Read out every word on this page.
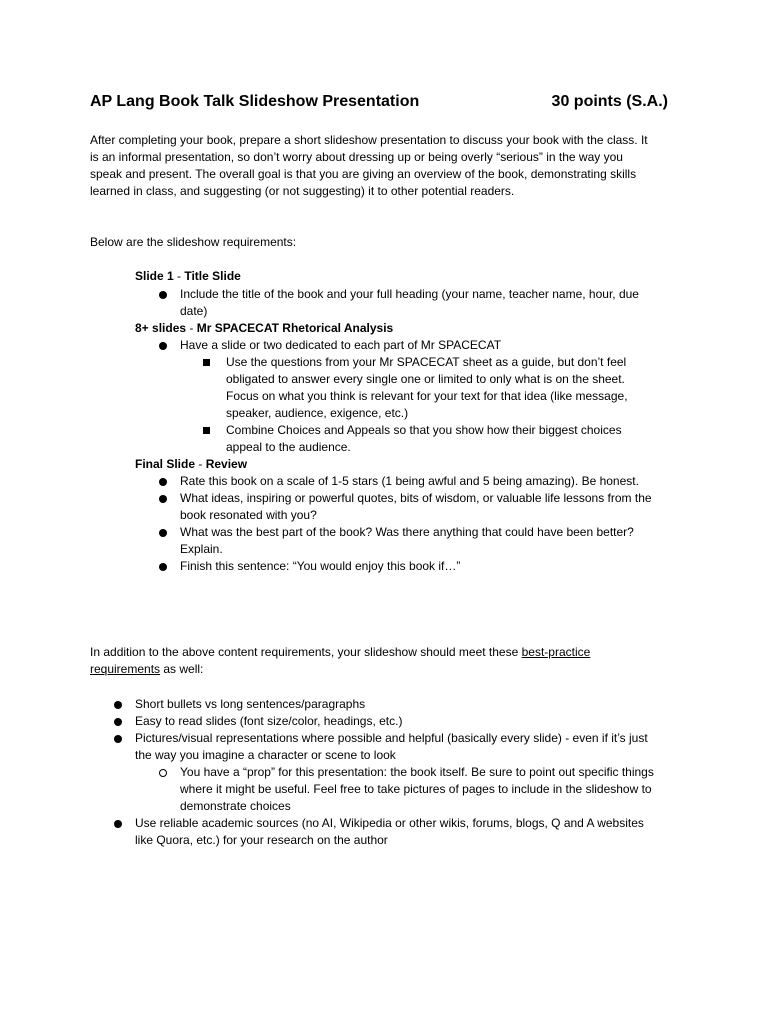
AP Lang Book Talk Slideshow Presentation	30 points (S.A.)
After completing your book, prepare a short slideshow presentation to discuss your book with the class. It
is an informal presentation, so don’t worry about dressing up or being overly “serious” in the way you
speak and present. The overall goal is that you are giving an overview of the book, demonstrating skills
learned in class, and suggesting (or not suggesting) it to other potential readers.
Below are the slideshow requirements:
Slide 1 - Title Slide
Include the title of the book and your full heading (your name, teacher name, hour, due
date)
8+ slides - Mr SPACECAT Rhetorical Analysis
Have a slide or two dedicated to each part of Mr SPACECAT
Use the questions from your Mr SPACECAT sheet as a guide, but don’t feel
obligated to answer every single one or limited to only what is on the sheet.
Focus on what you think is relevant for your text for that idea (like message,
speaker, audience, exigence, etc.)
Combine Choices and Appeals so that you show how their biggest choices
appeal to the audience.
Final Slide - Review
Rate this book on a scale of 1-5 stars (1 being awful and 5 being amazing). Be honest.
What ideas, inspiring or powerful quotes, bits of wisdom, or valuable life lessons from the
book resonated with you?
What was the best part of the book? Was there anything that could have been better?
Explain.
Finish this sentence: “You would enjoy this book if…”
In addition to the above content requirements, your slideshow should meet these best-practice
requirements as well:
Short bullets vs long sentences/paragraphs
Easy to read slides (font size/color, headings, etc.)
Pictures/visual representations where possible and helpful (basically every slide) - even if it’s just
the way you imagine a character or scene to look
You have a “prop” for this presentation: the book itself. Be sure to point out specific things
where it might be useful. Feel free to take pictures of pages to include in the slideshow to
demonstrate choices
Use reliable academic sources (no AI, Wikipedia or other wikis, forums, blogs, Q and A websites
like Quora, etc.) for your research on the author
